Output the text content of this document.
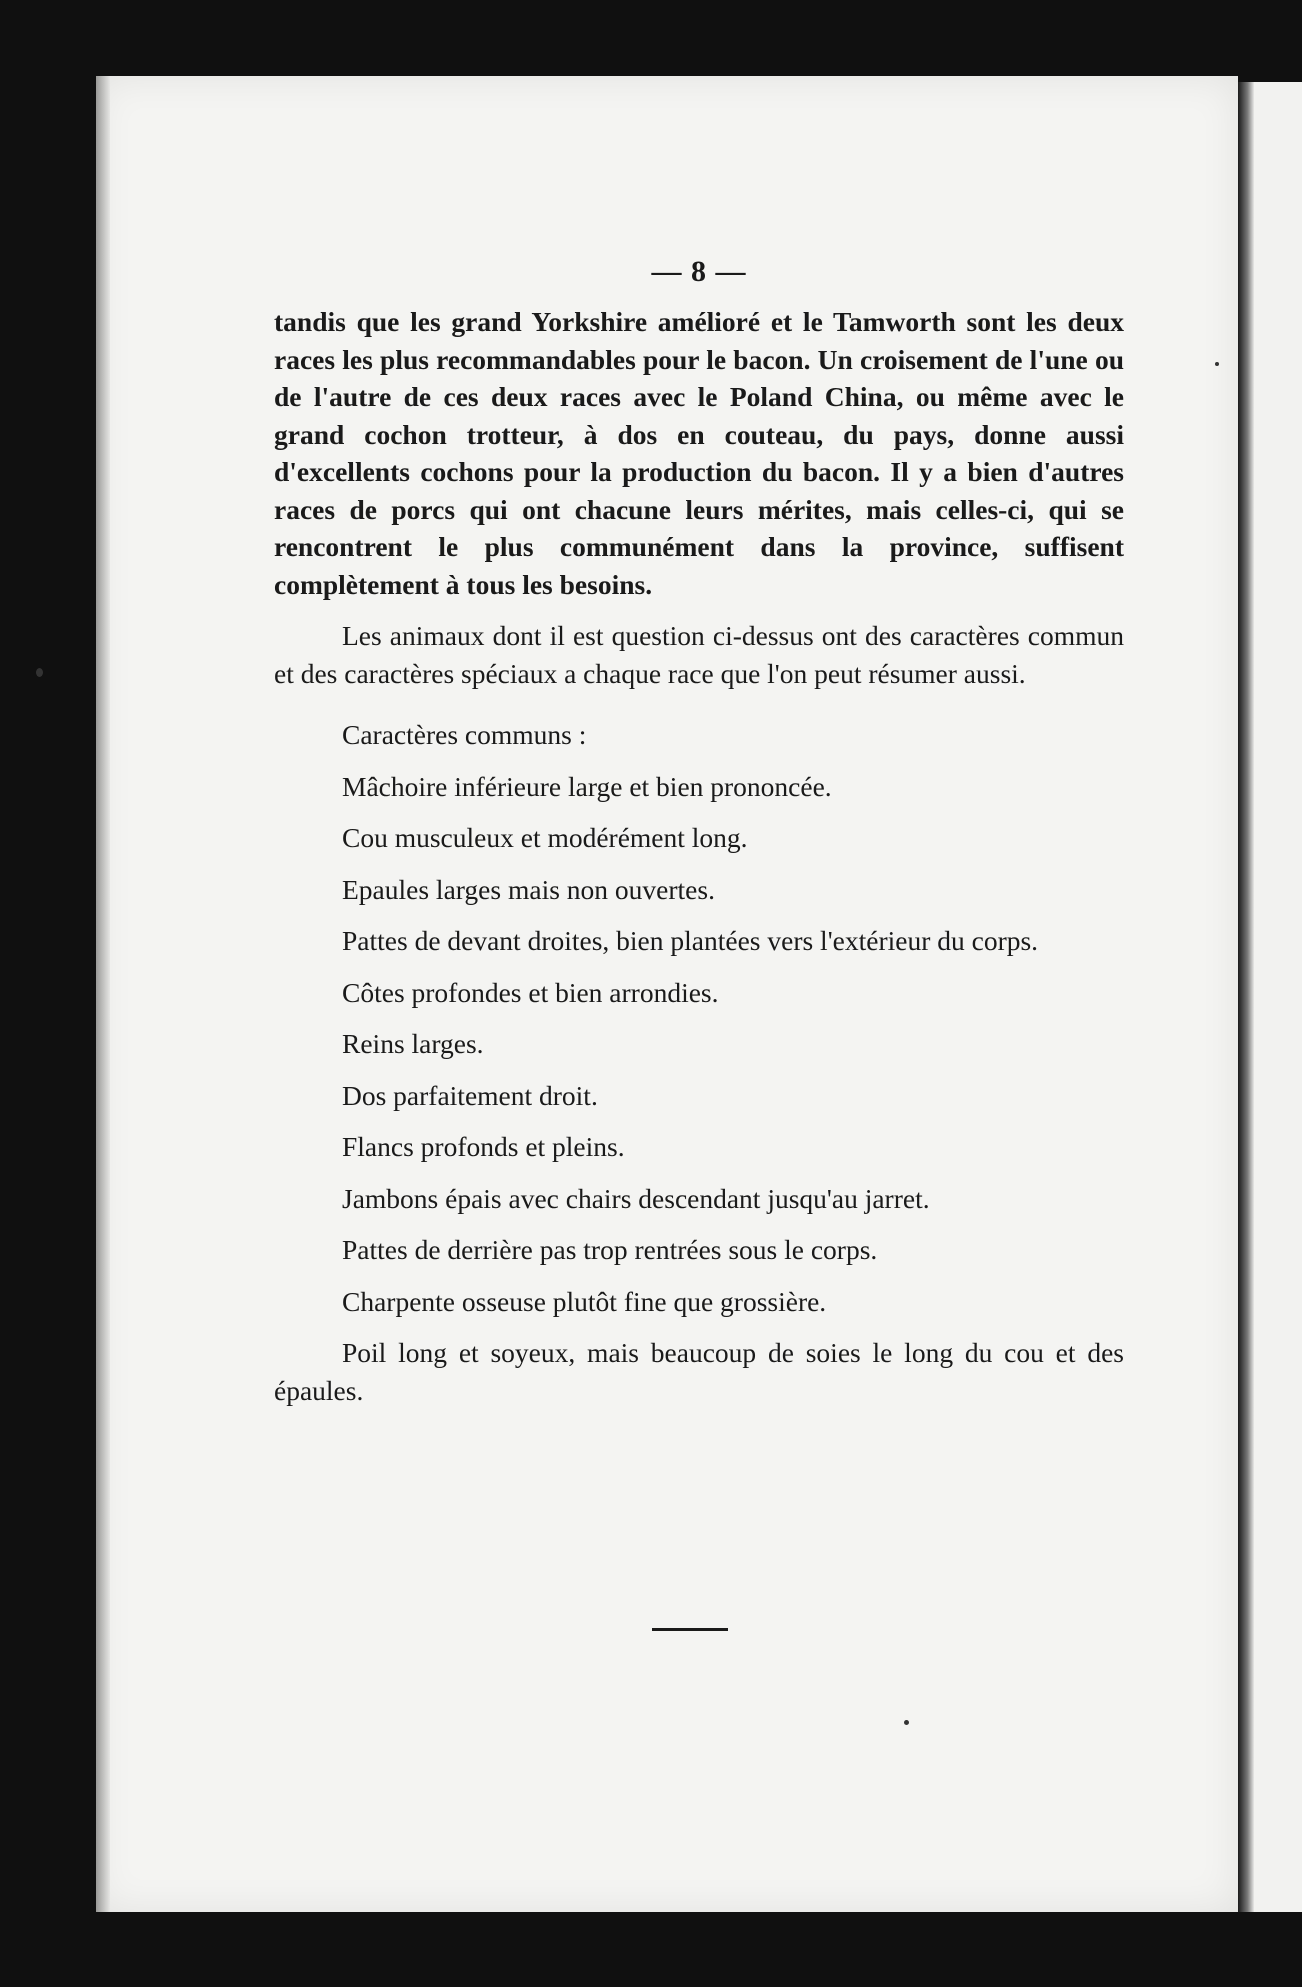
— 8 —

tandis que les grand Yorkshire amélioré et le Tamworth sont les deux races les plus recommandables pour le bacon. Un croisement de l'une ou de l'autre de ces deux races avec le Poland China, ou même avec le grand cochon trotteur, à dos en couteau, du pays, donne aussi d'excellents cochons pour la production du bacon. Il y a bien d'autres races de porcs qui ont chacune leurs mérites, mais celles-ci, qui se rencontrent le plus communément dans la province, suffisent complètement à tous les besoins.

Les animaux dont il est question ci-dessus ont des caractères commun et des caractères spéciaux a chaque race que l'on peut résumer aussi.

Caractères communs :

Mâchoire inférieure large et bien prononcée.

Cou musculeux et modérément long.

Epaules larges mais non ouvertes.

Pattes de devant droites, bien plantées vers l'extérieur du corps.

Côtes profondes et bien arrondies.

Reins larges.

Dos parfaitement droit.

Flancs profonds et pleins.

Jambons épais avec chairs descendant jusqu'au jarret.

Pattes de derrière pas trop rentrées sous le corps.

Charpente osseuse plutôt fine que grossière.

Poil long et soyeux, mais beaucoup de soies le long du cou et des épaules.
